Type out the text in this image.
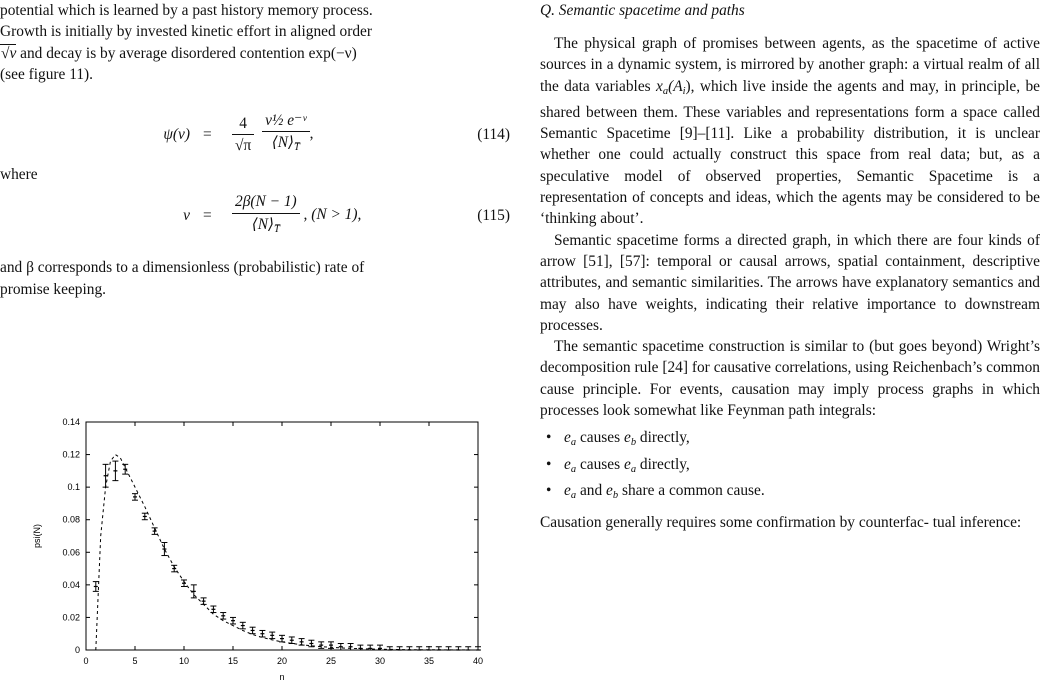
potential which is learned by a past history memory process.
Growth is initially by invested kinetic effort in aligned order
√ν and decay is by average disordered contention exp(−ν)
(see figure 11).

$\psi(\nu) = \frac{4}{√\pi}$
$\frac{\text{ν½ e⁻ᵛ}}{⟨N⟩_{T̅}}$ ,	(114)

where

$\nu = \frac{2\beta(N - 1)}{⟨N⟩_{T̅}}$ , (N > 1),	(115)

and β corresponds to a dimensionless (probabilistic) rate of
promise keeping.

0	5	10	15	20	25	30	35	40
0
0.02
0.04
0.06
0.08
0.1
0.12
0.14
n
psi(N)
Q. Semantic spacetime and paths

The physical graph of promises between agents, as the spacetime of active sources in a dynamic system, is mirrored by another graph: a virtual realm of all the data variables $x_a(A_i)$, which live inside the agents and may, in principle, be shared between them. These variables and representations form a space called Semantic Spacetime [9]–[11]. Like a probability distribution, it is unclear whether one could actually construct this space from real data; but, as a speculative model of observed properties, Semantic Spacetime is a representation of concepts and ideas, which the agents may be considered to be ‘thinking about’.

Semantic spacetime forms a directed graph, in which there are four kinds of arrow [51], [57]: temporal or causal arrows, spatial containment, descriptive attributes, and semantic similarities. The arrows have explanatory semantics and may also have weights, indicating their relative importance to downstream processes.

The semantic spacetime construction is similar to (but goes beyond) Wright’s decomposition rule [24] for causative correlations, using Reichenbach’s common cause principle. For events, causation may imply process graphs in which processes look somewhat like Feynman path integrals:

• $e_a$ causes $e_b$ directly,
• $e_a$ causes $e_a$ directly,
• $e_a$ and $e_b$ share a common cause.

Causation generally requires some confirmation by counterfac- tual inference:
